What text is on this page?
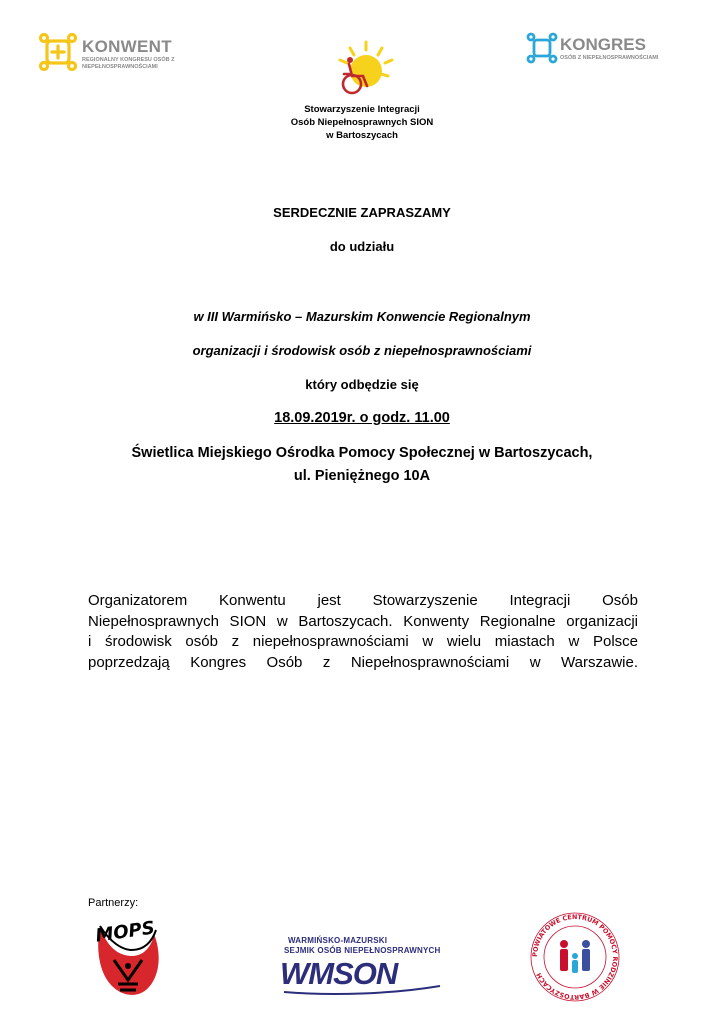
KONWENT
REGIONALNY KONGRESU OSÓB Z NIEPEŁNOSPRAWNOŚCIAMI
KONGRES
OSÓB Z NIEPEŁNOSPRAWNOŚCIAMI
Stowarzyszenie Integracji
Osób Niepełnosprawnych SION
w Bartoszycach
SERDECZNIE ZAPRASZAMY
do udziału
w III Warmińsko – Mazurskim Konwencie Regionalnym
organizacji i środowisk osób z niepełnosprawnościami
który odbędzie się
18.09.2019r. o godz. 11.00
Świetlica Miejskiego Ośrodka Pomocy Społecznej w Bartoszycach,
ul. Pieniężnego 10A
Organizatorem Konwentu jest Stowarzyszenie Integracji Osób
Niepełnosprawnych SION w Bartoszycach. Konwenty Regionalne organizacji
i środowisk osób z niepełnosprawnościami w wielu miastach w Polsce
poprzedzają Kongres Osób z Niepełnosprawnościami w Warszawie.
Partnerzy:
MOPS	WARMIŃSKO-MAZURSKI
SEJMIK OSÓB NIEPEŁNOSPRAWNYCH
WMSON
POWIATOWE CENTRUM POMOCY RODZINIE W BARTOSZYCACH
